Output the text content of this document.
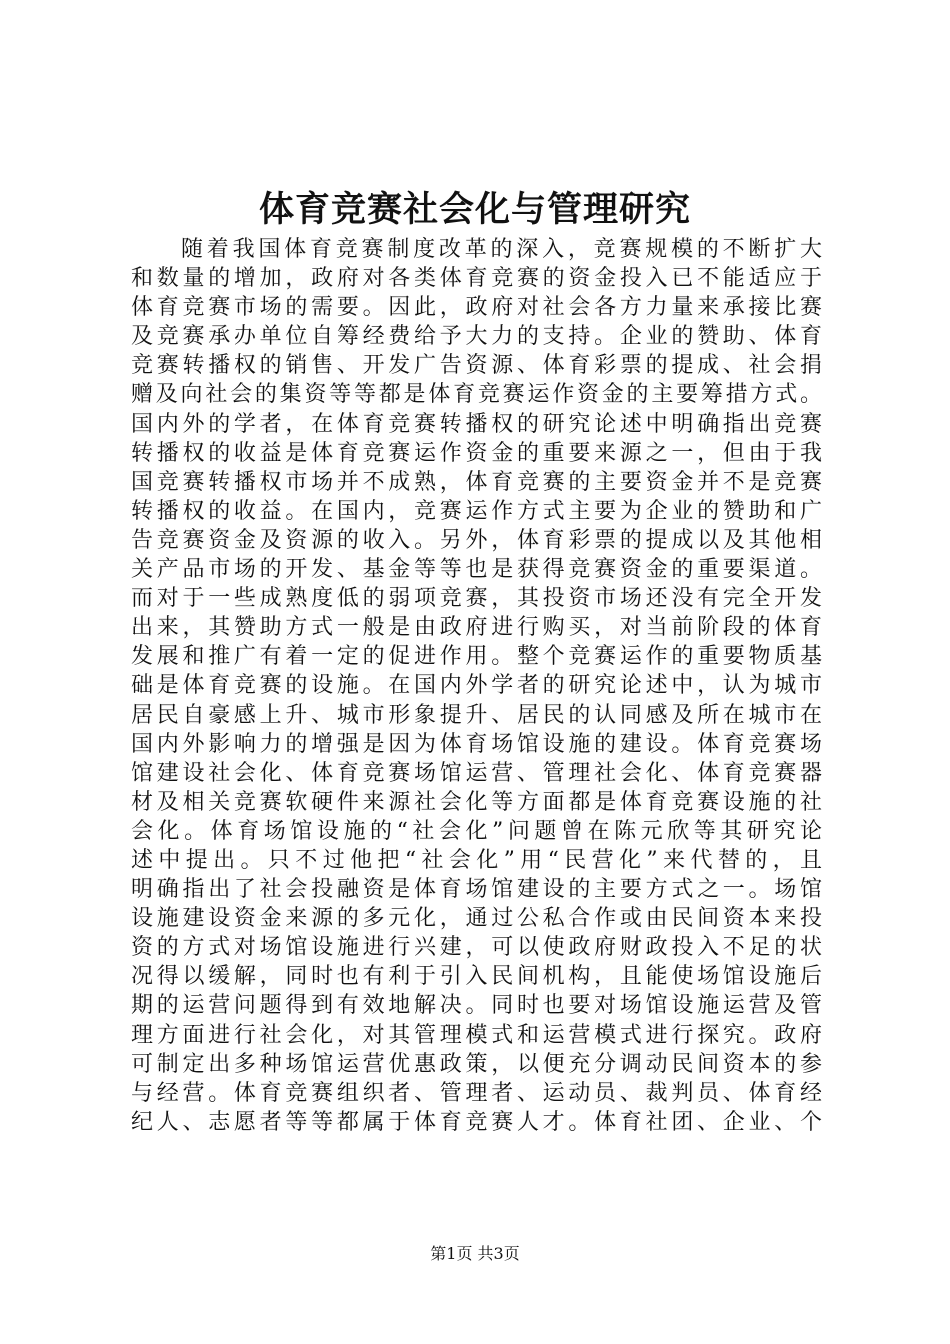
体育竞赛社会化与管理研究
随着我国体育竞赛制度改革的深入，竞赛规模的不断扩大
和数量的增加，政府对各类体育竞赛的资金投入已不能适应于
体育竞赛市场的需要。因此，政府对社会各方力量来承接比赛
及竞赛承办单位自筹经费给予大力的支持。企业的赞助、体育
竞赛转播权的销售、开发广告资源、体育彩票的提成、社会捐
赠及向社会的集资等等都是体育竞赛运作资金的主要筹措方式。
国内外的学者，在体育竞赛转播权的研究论述中明确指出竞赛
转播权的收益是体育竞赛运作资金的重要来源之一，但由于我
国竞赛转播权市场并不成熟，体育竞赛的主要资金并不是竞赛
转播权的收益。在国内，竞赛运作方式主要为企业的赞助和广
告竞赛资金及资源的收入。另外，体育彩票的提成以及其他相
关产品市场的开发、基金等等也是获得竞赛资金的重要渠道。
而对于一些成熟度低的弱项竞赛，其投资市场还没有完全开发
出来，其赞助方式一般是由政府进行购买，对当前阶段的体育
发展和推广有着一定的促进作用。整个竞赛运作的重要物质基
础是体育竞赛的设施。在国内外学者的研究论述中，认为城市
居民自豪感上升、城市形象提升、居民的认同感及所在城市在
国内外影响力的增强是因为体育场馆设施的建设。体育竞赛场
馆建设社会化、体育竞赛场馆运营、管理社会化、体育竞赛器
材及相关竞赛软硬件来源社会化等方面都是体育竞赛设施的社
会化。体育场馆设施的“社会化”问题曾在陈元欣等其研究论
述中提出。只不过他把“社会化”用“民营化”来代替的，且
明确指出了社会投融资是体育场馆建设的主要方式之一。场馆
设施建设资金来源的多元化，通过公私合作或由民间资本来投
资的方式对场馆设施进行兴建，可以使政府财政投入不足的状
况得以缓解，同时也有利于引入民间机构，且能使场馆设施后
期的运营问题得到有效地解决。同时也要对场馆设施运营及管
理方面进行社会化，对其管理模式和运营模式进行探究。政府
可制定出多种场馆运营优惠政策，以便充分调动民间资本的参
与经营。体育竞赛组织者、管理者、运动员、裁判员、体育经
纪人、志愿者等等都属于体育竞赛人才。体育社团、企业、个
第1页 共3页
